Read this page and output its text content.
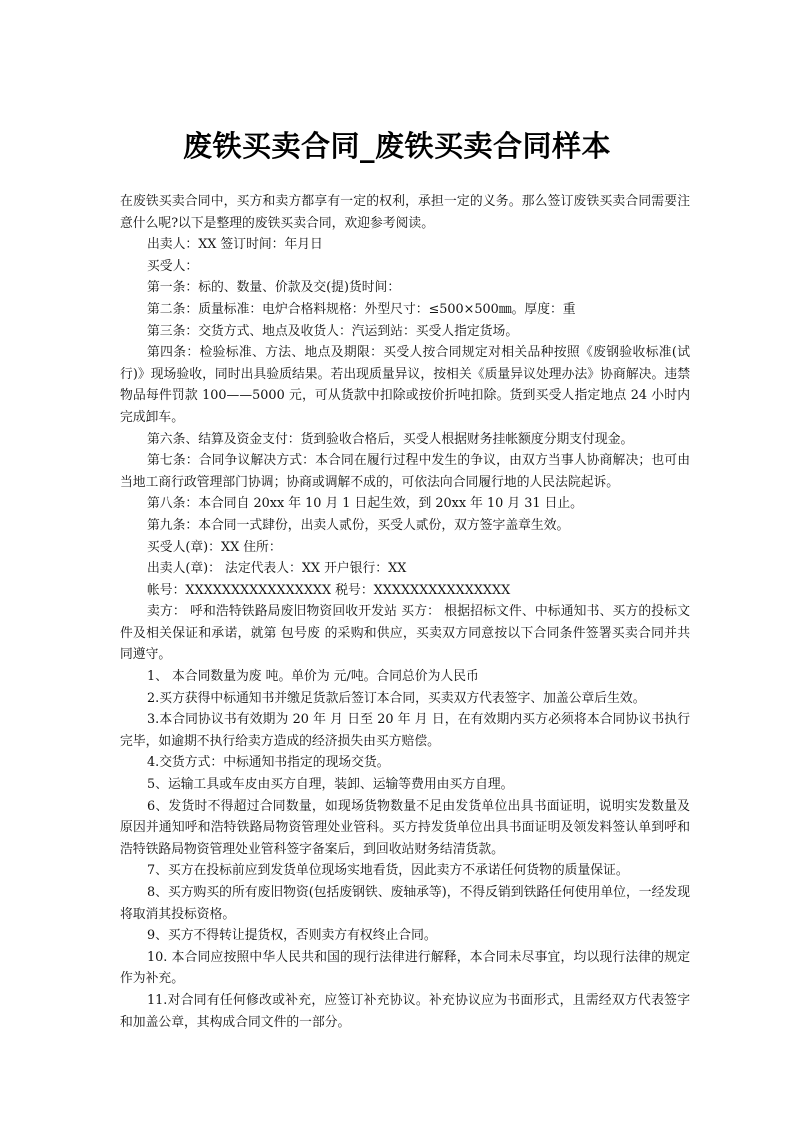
废铁买卖合同_废铁买卖合同样本

在废铁买卖合同中，买方和卖方都享有一定的权利，承担一定的义务。那么签订废铁买卖合同需要注意什么呢?以下是整理的废铁买卖合同，欢迎参考阅读。

出卖人：XX 签订时间：年月日

买受人：

第一条：标的、数量、价款及交(提)货时间：

第二条：质量标准：电炉合格料规格：外型尺寸：≤500×500㎜。厚度：重

第三条：交货方式、地点及收货人：汽运到站：买受人指定货场。

第四条：检验标准、方法、地点及期限：买受人按合同规定对相关品种按照《废钢验收标准(试行)》现场验收，同时出具验质结果。若出现质量异议，按相关《质量异议处理办法》协商解决。违禁物品每件罚款 100——5000 元，可从货款中扣除或按价折吨扣除。货到买受人指定地点 24 小时内完成卸车。

第六条、结算及资金支付：货到验收合格后，买受人根据财务挂帐额度分期支付现金。

第七条：合同争议解决方式：本合同在履行过程中发生的争议，由双方当事人协商解决；也可由当地工商行政管理部门协调；协商或调解不成的，可依法向合同履行地的人民法院起诉。

第八条：本合同自 20xx 年 10 月 1 日起生效，到 20xx 年 10 月 31 日止。

第九条：本合同一式肆份，出卖人贰份，买受人贰份，双方签字盖章生效。

买受人(章)：XX 住所：

出卖人(章)： 法定代表人：XX 开户银行：XX

帐号：XXXXXXXXXXXXXXXX 税号：XXXXXXXXXXXXXXX

卖方： 呼和浩特铁路局废旧物资回收开发站 买方： 根据招标文件、中标通知书、买方的投标文件及相关保证和承诺，就第 包号废 的采购和供应，买卖双方同意按以下合同条件签署买卖合同并共同遵守。

1、 本合同数量为废 吨。单价为 元/吨。合同总价为人民币

2.买方获得中标通知书并缴足货款后签订本合同，买卖双方代表签字、加盖公章后生效。

3.本合同协议书有效期为 20 年 月 日至 20 年 月 日，在有效期内买方必须将本合同协议书执行完毕，如逾期不执行给卖方造成的经济损失由买方赔偿。

4.交货方式：中标通知书指定的现场交货。

5、运输工具或车皮由买方自理，装卸、运输等费用由买方自理。

6、发货时不得超过合同数量，如现场货物数量不足由发货单位出具书面证明，说明实发数量及原因并通知呼和浩特铁路局物资管理处业管科。买方持发货单位出具书面证明及领发料签认单到呼和浩特铁路局物资管理处业管科签字备案后，到回收站财务结清货款。

7、买方在投标前应到发货单位现场实地看货，因此卖方不承诺任何货物的质量保证。

8、买方购买的所有废旧物资(包括废钢铁、废轴承等)，不得反销到铁路任何使用单位，一经发现将取消其投标资格。

9、买方不得转让提货权，否则卖方有权终止合同。

10. 本合同应按照中华人民共和国的现行法律进行解释，本合同未尽事宜，均以现行法律的规定作为补充。

11.对合同有任何修改或补充，应签订补充协议。补充协议应为书面形式，且需经双方代表签字和加盖公章，其构成合同文件的一部分。
